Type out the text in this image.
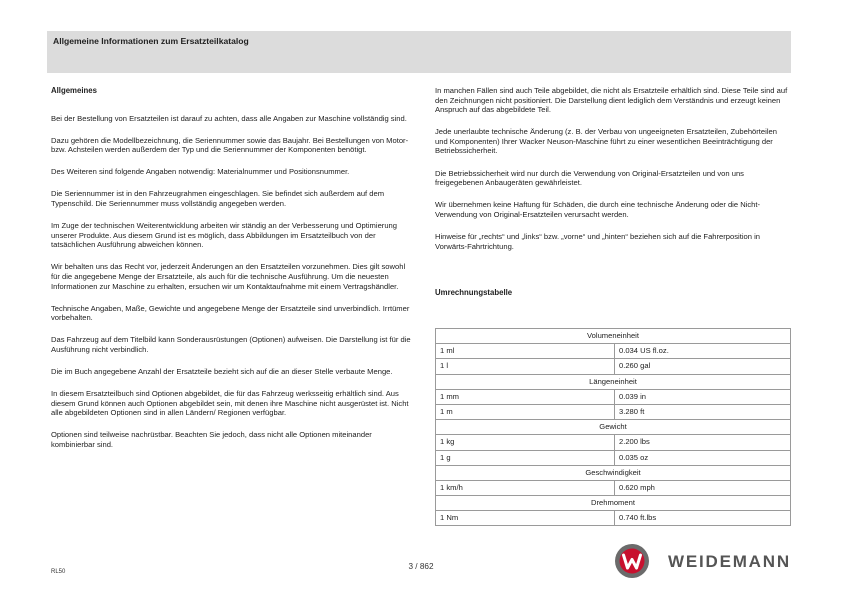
Allgemeine Informationen zum Ersatzteilkatalog

Allgemeines

Bei der Bestellung von Ersatzteilen ist darauf zu achten, dass alle Angaben zur Maschine vollständig sind.

Dazu gehören die Modellbezeichnung, die Seriennummer sowie das Baujahr. Bei Bestellungen von Motor- bzw. Achsteilen werden außerdem der Typ und die Seriennummer der Komponenten benötigt.

Des Weiteren sind folgende Angaben notwendig: Materialnummer und Positionsnummer.

Die Seriennummer ist in den Fahrzeugrahmen eingeschlagen. Sie befindet sich außerdem auf dem Typenschild. Die Seriennummer muss vollständig angegeben werden.

Im Zuge der technischen Weiterentwicklung arbeiten wir ständig an der Verbesserung und Optimierung unserer Produkte. Aus diesem Grund ist es möglich, dass Abbildungen im Ersatzteilbuch von der tatsächlichen Ausführung abweichen können.

Wir behalten uns das Recht vor, jederzeit Änderungen an den Ersatzteilen vorzunehmen. Dies gilt sowohl für die angegebene Menge der Ersatzteile, als auch für die technische Ausführung. Um die neuesten Informationen zur Maschine zu erhalten, ersuchen wir um Kontaktaufnahme mit einem Vertragshändler.

Technische Angaben, Maße, Gewichte und angegebene Menge der Ersatzteile sind unverbindlich. Irrtümer vorbehalten.

Das Fahrzeug auf dem Titelbild kann Sonderausrüstungen (Optionen) aufweisen. Die Darstellung ist für die Ausführung nicht verbindlich.

Die im Buch angegebene Anzahl der Ersatzteile bezieht sich auf die an dieser Stelle verbaute Menge.

In diesem Ersatzteilbuch sind Optionen abgebildet, die für das Fahrzeug werksseitig erhältlich sind. Aus diesem Grund können auch Optionen abgebildet sein, mit denen ihre Maschine nicht ausgerüstet ist. Nicht alle abgebildeten Optionen sind in allen Ländern/ Regionen verfügbar.

Optionen sind teilweise nachrüstbar. Beachten Sie jedoch, dass nicht alle Optionen miteinander kombinierbar sind.

In manchen Fällen sind auch Teile abgebildet, die nicht als Ersatzteile erhältlich sind. Diese Teile sind auf den Zeichnungen nicht positioniert. Die Darstellung dient lediglich dem Verständnis und erzeugt keinen Anspruch auf das abgebildete Teil.

Jede unerlaubte technische Änderung (z. B. der Verbau von ungeeigneten Ersatzteilen, Zubehörteilen und Komponenten) Ihrer Wacker Neuson-Maschine führt zu einer wesentlichen Beeinträchtigung der Betriebssicherheit.

Die Betriebssicherheit wird nur durch die Verwendung von Original-Ersatzteilen und von uns freigegebenen Anbaugeräten gewährleistet.

Wir übernehmen keine Haftung für Schäden, die durch eine technische Änderung oder die Nicht-Verwendung von Original-Ersatzteilen verursacht werden.

Hinweise für „rechts“ und „links“ bzw. „vorne“ und „hinten“ beziehen sich auf die Fahrerposition in Vorwärts-Fahrtrichtung.

Umrechnungstabelle

Volumeneinheit	
1 ml	0.034 US fl.oz.
1 l	0.260 gal
Längeneinheit	
1 mm	0.039 in
1 m	3.280 ft
Gewicht	
1 kg	2.200 lbs
1 g	0.035 oz
Geschwindigkeit	
1 km/h	0.620 mph
Drehmoment	
1 Nm	0.740 ft.lbs
RL50
3 / 862	WEIDEMANN
